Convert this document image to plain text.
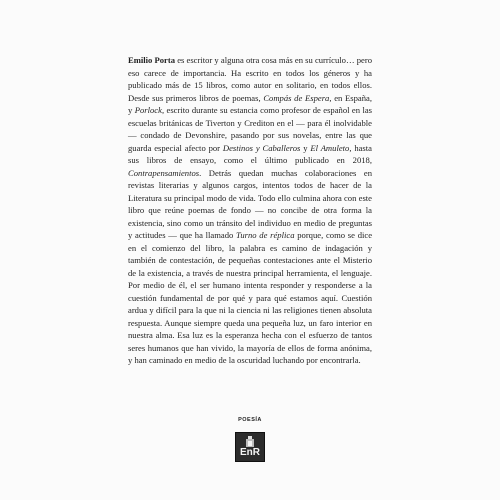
Emilio Porta es escritor y alguna otra cosa más en su currículo… pero eso carece de importancia. Ha escrito en todos los géneros y ha publicado más de 15 libros, como autor en solitario, en todos ellos. Desde sus primeros libros de poemas, Compás de Espera, en España, y Porlock, escrito durante su estancia como profesor de español en las escuelas británicas de Tiverton y Crediton en el — para él inolvidable — condado de Devonshire, pasando por sus novelas, entre las que guarda especial afecto por Destinos y Caballeros y El Amuleto, hasta sus libros de ensayo, como el último publicado en 2018, Contrapensamientos. Detrás quedan muchas colaboraciones en revistas literarias y algunos cargos, intentos todos de hacer de la Literatura su principal modo de vida. Todo ello culmina ahora con este libro que reúne poemas de fondo — no concibe de otra forma la existencia, sino como un tránsito del individuo en medio de preguntas y actitudes — que ha llamado Turno de réplica porque, como se dice en el comienzo del libro, la palabra es camino de indagación y también de contestación, de pequeñas contestaciones ante el Misterio de la existencia, a través de nuestra principal herramienta, el lenguaje. Por medio de él, el ser humano intenta responder y responderse a la cuestión fundamental de por qué y para qué estamos aquí. Cuestión ardua y difícil para la que ni la ciencia ni las religiones tienen absoluta respuesta. Aunque siempre queda una pequeña luz, un faro interior en nuestra alma. Esa luz es la esperanza hecha con el esfuerzo de tantos seres humanos que han vivido, la mayoría de ellos de forma anónima, y han caminado en medio de la oscuridad luchando por encontrarla.

POESÍA
EnR
